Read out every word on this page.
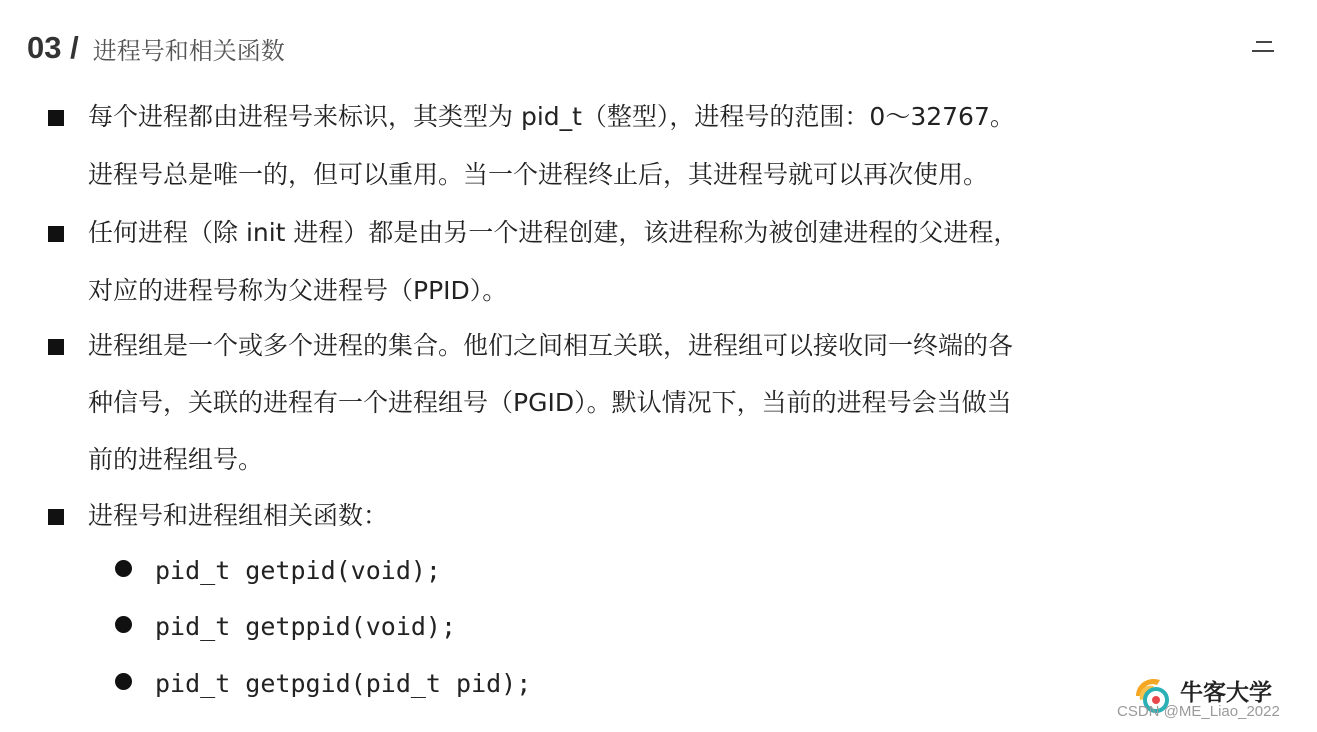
03 / 进程号和相关函数
每个进程都由进程号来标识，其类型为 pid_t（整型），进程号的范围：0～32767。
进程号总是唯一的，但可以重用。当一个进程终止后，其进程号就可以再次使用。
任何进程（除 init 进程）都是由另一个进程创建，该进程称为被创建进程的父进程，
对应的进程号称为父进程号（PPID）。
进程组是一个或多个进程的集合。他们之间相互关联，进程组可以接收同一终端的各
种信号，关联的进程有一个进程组号（PGID）。默认情况下，当前的进程号会当做当
前的进程组号。
进程号和进程组相关函数：
pid_t getpid(void);
pid_t getppid(void);
pid_t getpgid(pid_t pid);	牛客大学
CSDN @ME_Liao_2022
